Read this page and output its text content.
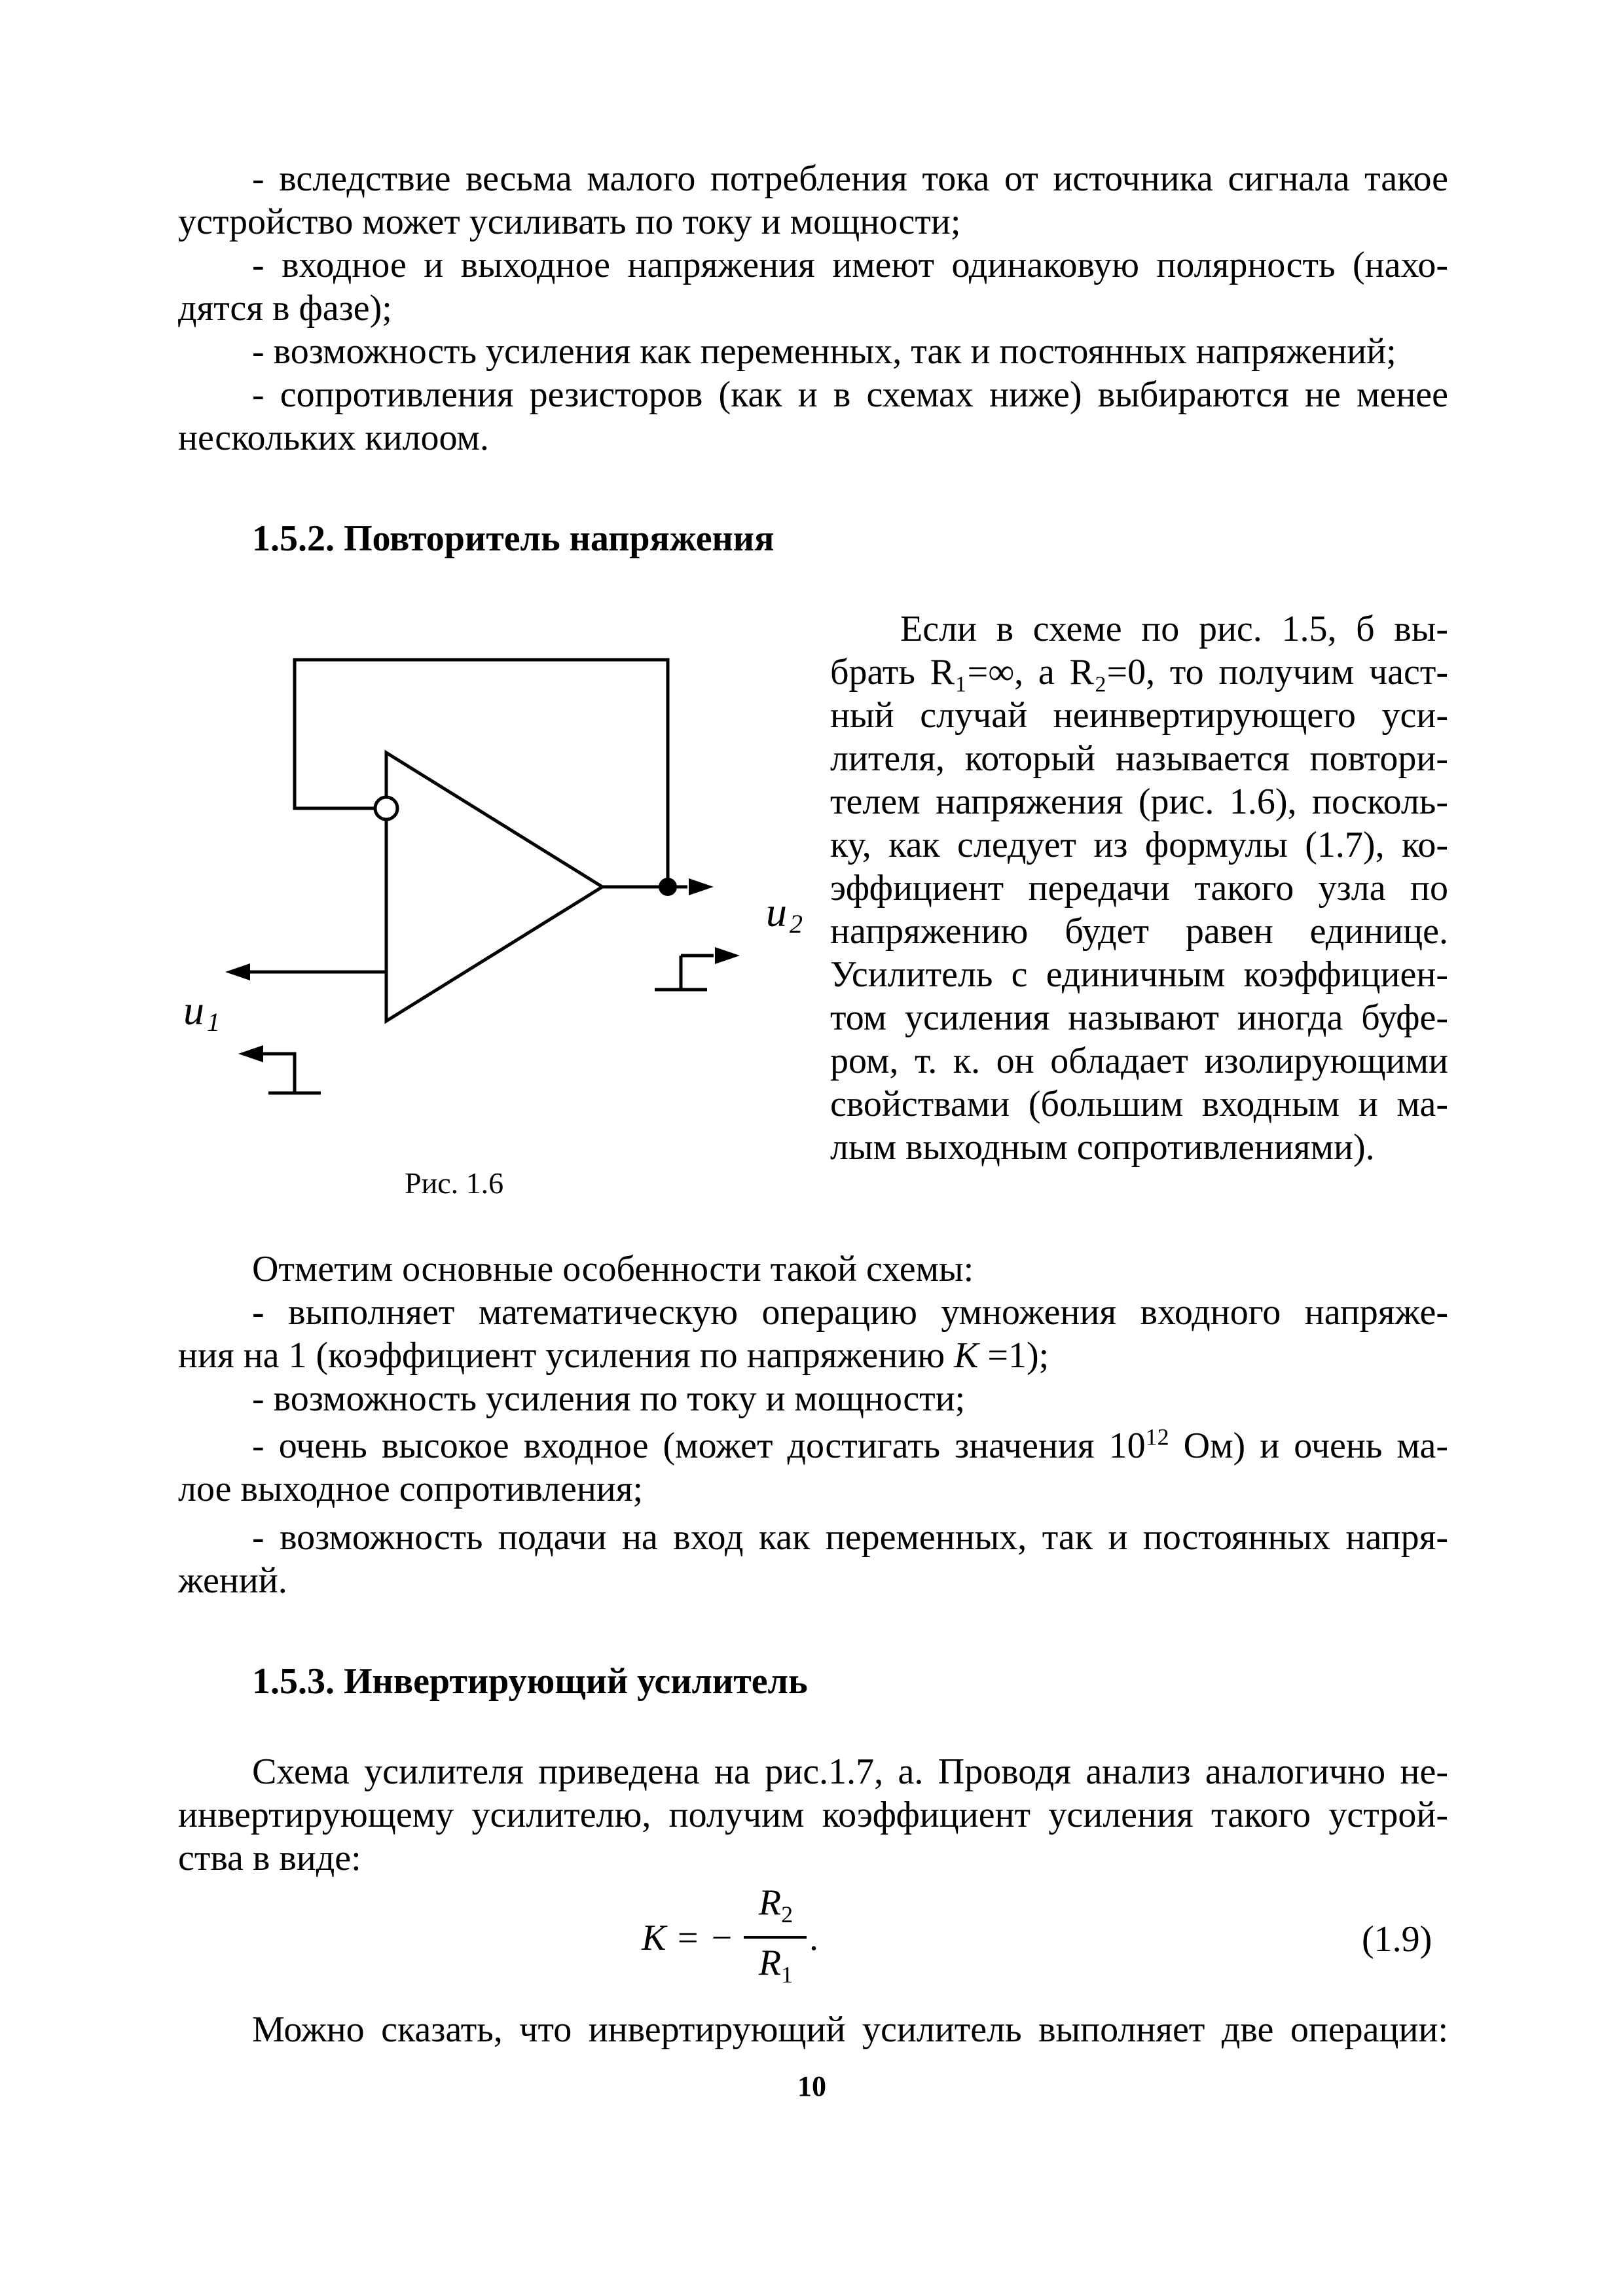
- вследствие весьма малого потребления тока от источника сигнала такое
устройство может усиливать по току и мощности;
- входное и выходное напряжения имеют одинаковую полярность (нахо-
дятся в фазе);
- возможность усиления как переменных, так и постоянных напряжений;
- сопротивления резисторов (как и в схемах ниже) выбираются не менее
нескольких килоом.
1.5.2. Повторитель напряжения
Если в схеме по рис. 1.5, б вы-
брать R₁=∞, а R₂=0, то получим част-
ный случай неинвертирующего уси-
лителя, который называется повтори-
телем напряжения (рис. 1.6), посколь-
ку, как следует из формулы (1.7), ко-
эффициент передачи такого узла по
напряжению будет равен единице.
Усилитель с единичным коэффициен-
том усиления называют иногда буфе-
ром, т. к. он обладает изолирующими
свойствами (большим входным и ма-
лым выходным сопротивлениями).
u 1
u 2
Рис. 1.6
Отметим основные особенности такой схемы:
- выполняет математическую операцию умножения входного напряже-
ния на 1 (коэффициент усиления по напряжению K =1);
- возможность усиления по току и мощности;
- очень высокое входное (может достигать значения $10^{12}$ Ом) и очень ма-
лое выходное сопротивления;
- возможность подачи на вход как переменных, так и постоянных напря-
жений.
1.5.3. Инвертирующий усилитель
Схема усилителя приведена на рис.1.7, а. Проводя анализ аналогично не-
инвертирующему усилителю, получим коэффициент усиления такого устрой-
ства в виде:
K = −
$R_2$
$R_1$
.	(1.9)
Можно сказать, что инвертирующий усилитель выполняет две операции:
10
